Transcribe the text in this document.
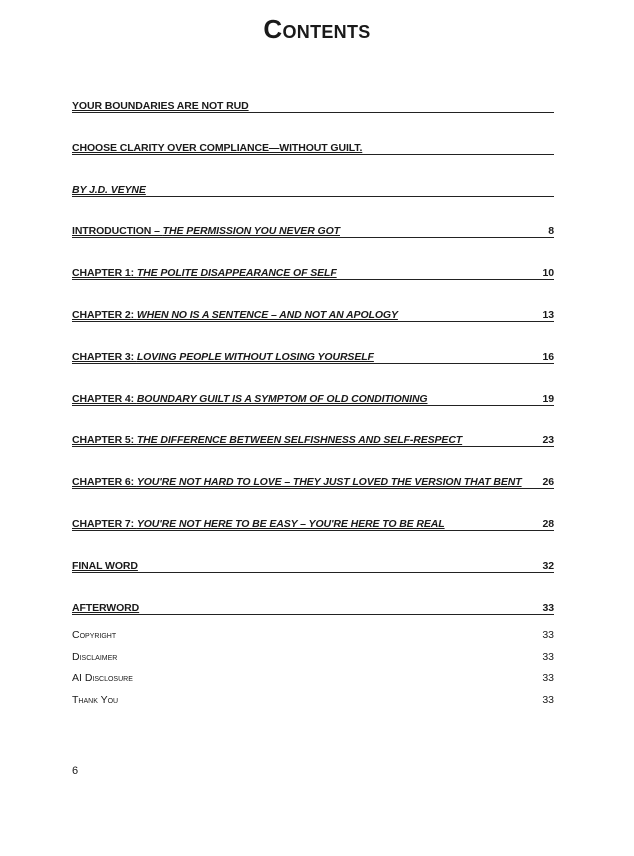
Contents
YOUR BOUNDARIES ARE NOT RUD
CHOOSE CLARITY OVER COMPLIANCE—WITHOUT GUILT.
BY J.D. VEYNE
INTRODUCTION – THE PERMISSION YOU NEVER GOT	8
CHAPTER 1: THE POLITE DISAPPEARANCE OF SELF	10
CHAPTER 2: WHEN NO IS A SENTENCE – AND NOT AN APOLOGY	13
CHAPTER 3: LOVING PEOPLE WITHOUT LOSING YOURSELF	16
CHAPTER 4: BOUNDARY GUILT IS A SYMPTOM OF OLD CONDITIONING	19
CHAPTER 5: THE DIFFERENCE BETWEEN SELFISHNESS AND SELF-RESPECT	23
CHAPTER 6: YOU'RE NOT HARD TO LOVE – THEY JUST LOVED THE VERSION THAT BENT	26
CHAPTER 7: YOU'RE NOT HERE TO BE EASY – YOU'RE HERE TO BE REAL	28
FINAL WORD	32
AFTERWORD	33
Copyright	33
Disclaimer	33
AI Disclosure	33
Thank You	33
6
